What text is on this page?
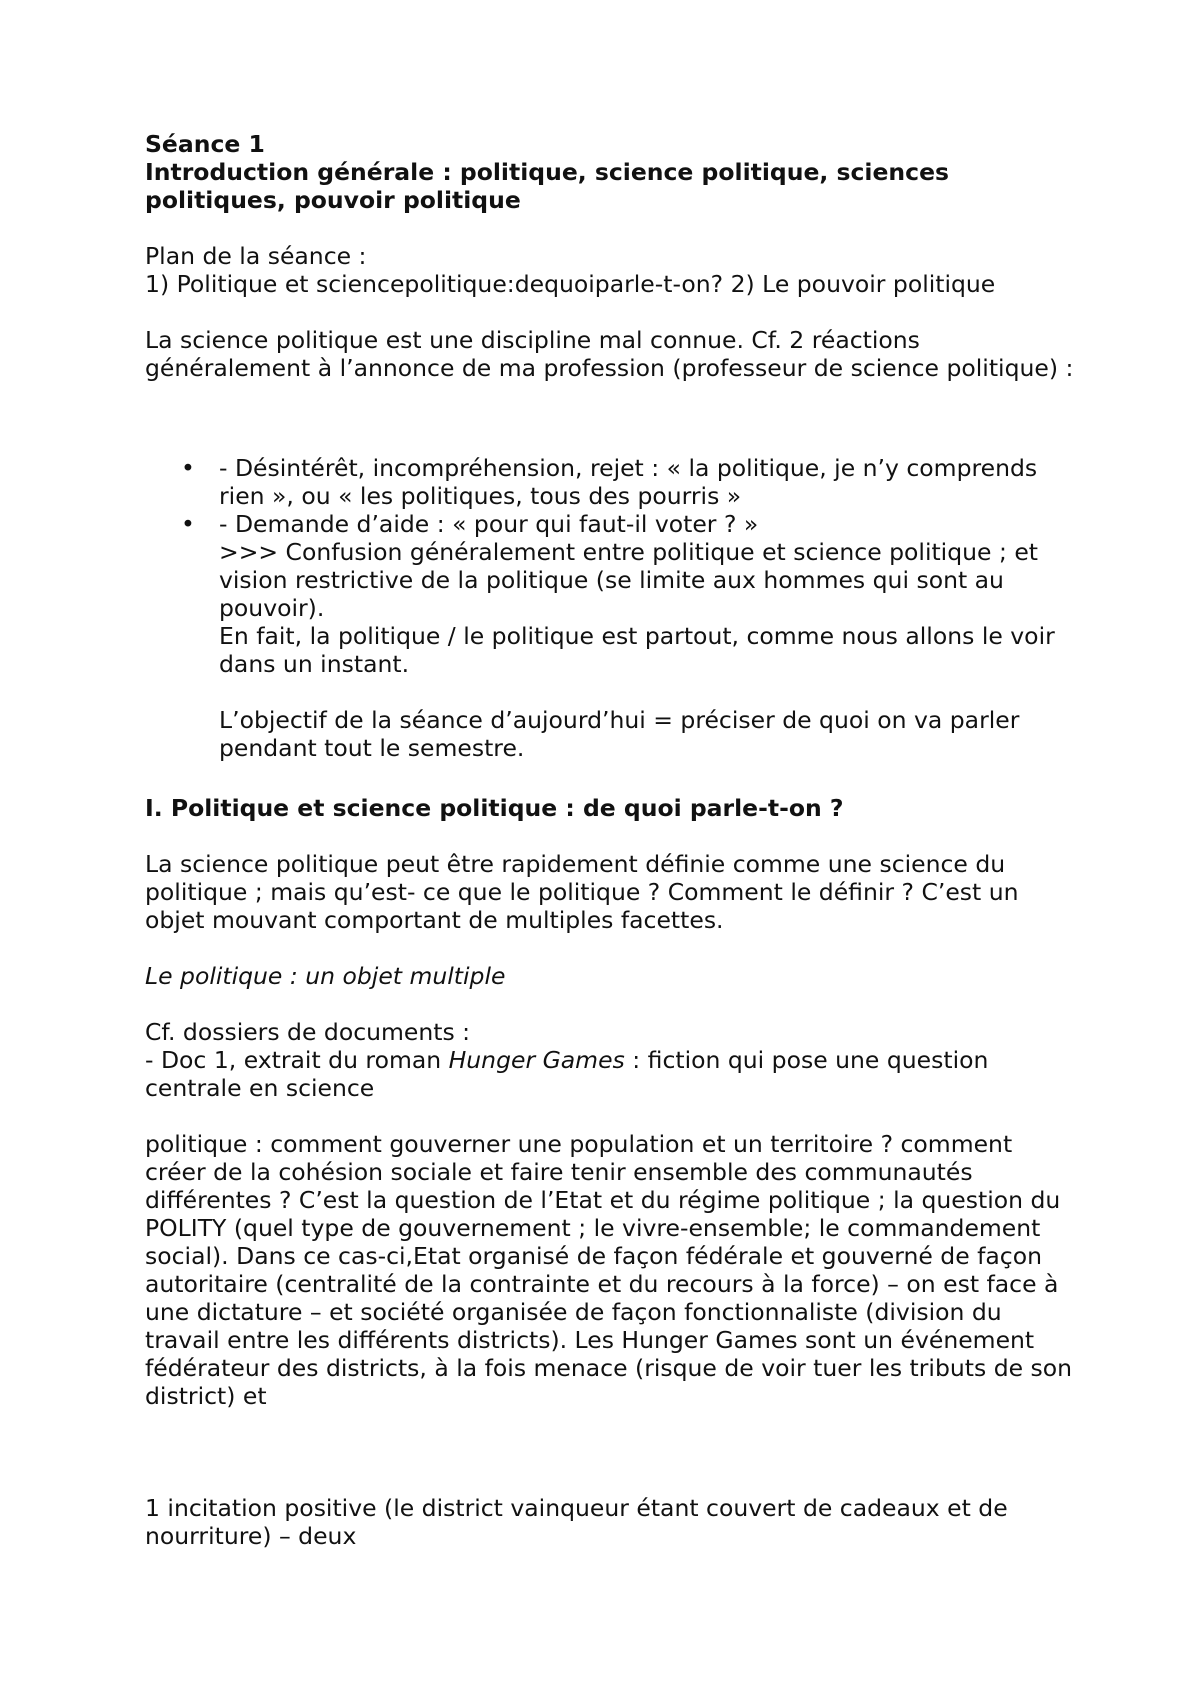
Séance 1

Introduction générale : politique, science politique, sciences politiques, pouvoir politique

Plan de la séance :

1) Politique et sciencepolitique:dequoiparle-t-on? 2) Le pouvoir politique

La science politique est une discipline mal connue. Cf. 2 réactions généralement à l’annonce de ma profession (professeur de science politique) :

• - Désintérêt, incompréhension, rejet : « la politique, je n’y comprends rien », ou « les politiques, tous des pourris »
• - Demande d’aide : « pour qui faut-il voter ? »
>>> Confusion généralement entre politique et science politique ; et vision restrictive de la politique (se limite aux hommes qui sont au pouvoir).
En fait, la politique / le politique est partout, comme nous allons le voir dans un instant.
L’objectif de la séance d’aujourd’hui = préciser de quoi on va parler pendant tout le semestre.

I. Politique et science politique : de quoi parle-t-on ?

La science politique peut être rapidement définie comme une science du politique ; mais qu’est- ce que le politique ? Comment le définir ? C’est un objet mouvant comportant de multiples facettes.

Le politique : un objet multiple

Cf. dossiers de documents :

- Doc 1, extrait du roman Hunger Games : fiction qui pose une question centrale en science

politique : comment gouverner une population et un territoire ? comment créer de la cohésion sociale et faire tenir ensemble des communautés différentes ? C’est la question de l’Etat et du régime politique ; la question du POLITY (quel type de gouvernement ; le vivre-ensemble; le commandement social). Dans ce cas-ci,Etat organisé de façon fédérale et gouverné de façon autoritaire (centralité de la contrainte et du recours à la force) – on est face à une dictature – et société organisée de façon fonctionnaliste (division du travail entre les différents districts). Les Hunger Games sont un événement fédérateur des districts, à la fois menace (risque de voir tuer les tributs de son district) et

1 incitation positive (le district vainqueur étant couvert de cadeaux et de nourriture) – deux
